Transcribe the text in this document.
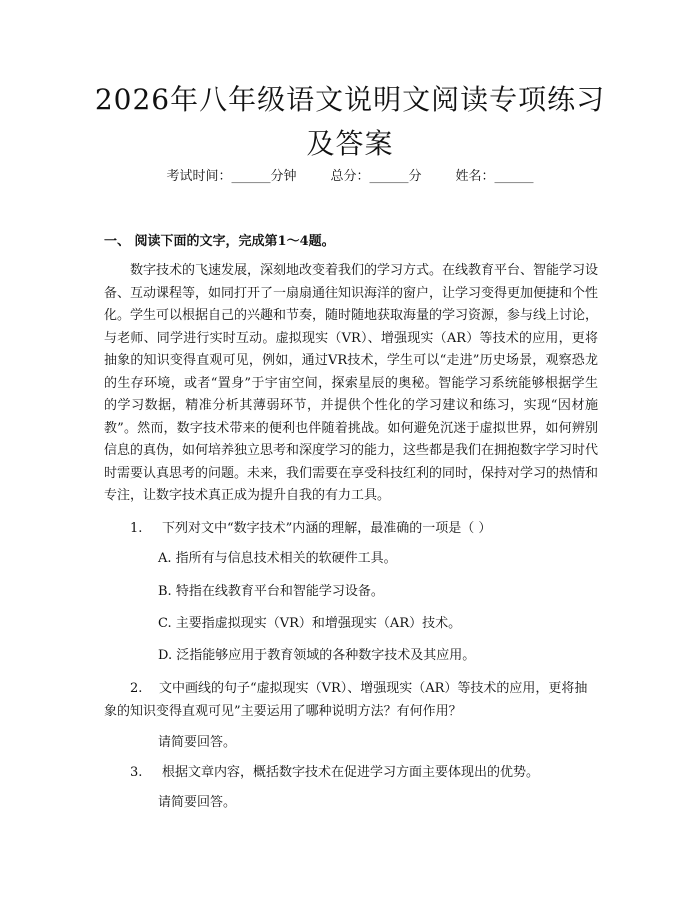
2026年八年级语文说明文阅读专项练习及答案
考试时间：______分钟	总分：______分	姓名：______
一、 阅读下面的文字，完成第1～4题。

数字技术的飞速发展，深刻地改变着我们的学习方式。在线教育平台、智能学习设备、互动课程等，如同打开了一扇扇通往知识海洋的窗户，让学习变得更加便捷和个性化。学生可以根据自己的兴趣和节奏，随时随地获取海量的学习资源，参与线上讨论，与老师、同学进行实时互动。虚拟现实（VR）、增强现实（AR）等技术的应用，更将抽象的知识变得直观可见，例如，通过VR技术，学生可以“走进”历史场景，观察恐龙的生存环境，或者“置身”于宇宙空间，探索星辰的奥秘。智能学习系统能够根据学生的学习数据，精准分析其薄弱环节，并提供个性化的学习建议和练习，实现“因材施教”。然而，数字技术带来的便利也伴随着挑战。如何避免沉迷于虚拟世界，如何辨别信息的真伪，如何培养独立思考和深度学习的能力，这些都是我们在拥抱数字学习时代时需要认真思考的问题。未来，我们需要在享受科技红利的同时，保持对学习的热情和专注，让数字技术真正成为提升自我的有力工具。

1. 下列对文中“数字技术”内涵的理解，最准确的一项是（ ）

A. 指所有与信息技术相关的软硬件工具。

B. 特指在线教育平台和智能学习设备。

C. 主要指虚拟现实（VR）和增强现实（AR）技术。

D. 泛指能够应用于教育领域的各种数字技术及其应用。

2. 文中画线的句子“虚拟现实（VR）、增强现实（AR）等技术的应用，更将抽象的知识变得直观可见”主要运用了哪种说明方法？有何作用？

请简要回答。

3. 根据文章内容，概括数字技术在促进学习方面主要体现出的优势。

请简要回答。
